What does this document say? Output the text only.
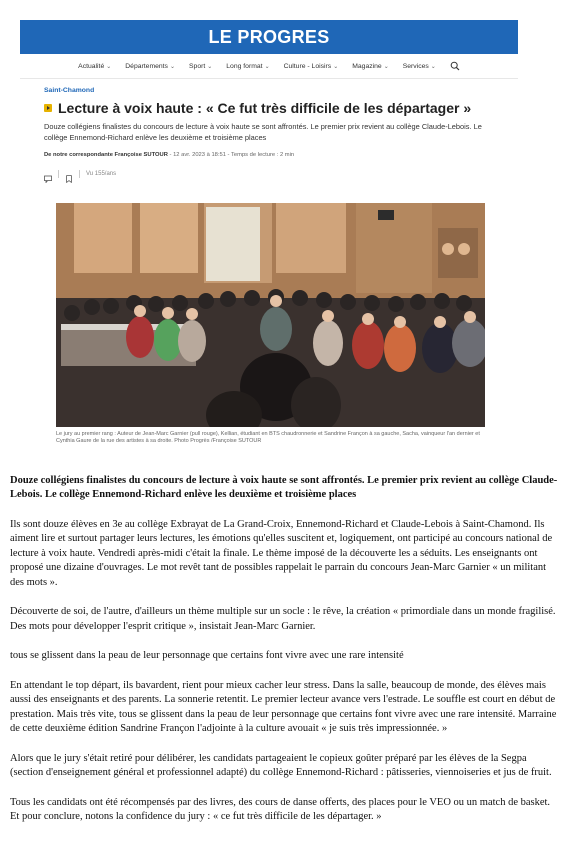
LE PROGRES
Actualité ⌄ Départements ⌄ Sport ⌄ Long format ⌄ Culture - Loisirs ⌄ Magazine ⌄ Services ⌄
Saint-Chamond
Lecture à voix haute : « Ce fut très difficile de les départager »
Douze collégiens finalistes du concours de lecture à voix haute se sont affrontés. Le premier prix revient au collège Claude-Lebois. Le collège Ennemond-Richard enlève les deuxième et troisième places
De notre correspondante Françoise SUTOUR - 12 avr. 2023 à 18:51 - Temps de lecture : 2 min
Vu 155/ans
Le jury au premier rang : Auteur de Jean-Marc Garnier (pull rouge), Kellian, étudiant en BTS chaudronnerie et Sandrine Françon à sa gauche, Sacha, vainqueur l'an dernier et Cynthia Gaure de la rue des artistes à sa droite. Photo Progrès /Françoise SUTOUR

Douze collégiens finalistes du concours de lecture à voix haute se sont affrontés. Le premier prix revient au collège Claude-Lebois. Le collège Ennemond-Richard enlève les deuxième et troisième places

Ils sont douze élèves en 3e au collège Exbrayat de La Grand-Croix, Ennemond-Richard et Claude-Lebois à Saint-Chamond. Ils aiment lire et surtout partager leurs lectures, les émotions qu'elles suscitent et, logiquement, ont participé au concours national de lecture à voix haute. Vendredi après-midi c'était la finale. Le thème imposé de la découverte les a séduits. Les enseignants ont proposé une dizaine d'ouvrages. Le mot revêt tant de possibles rappelait le parrain du concours Jean-Marc Garnier « un militant des mots ».

Découverte de soi, de l'autre, d'ailleurs un thème multiple sur un socle : le rêve, la création « primordiale dans un monde fragilisé. Des mots pour développer l'esprit critique », insistait Jean-Marc Garnier.

tous se glissent dans la peau de leur personnage que certains font vivre avec une rare intensité

En attendant le top départ, ils bavardent, rient pour mieux cacher leur stress. Dans la salle, beaucoup de monde, des élèves mais aussi des enseignants et des parents. La sonnerie retentit. Le premier lecteur avance vers l'estrade. Le souffle est court en début de prestation. Mais très vite, tous se glissent dans la peau de leur personnage que certains font vivre avec une rare intensité. Marraine de cette deuxième édition Sandrine Françon l'adjointe à la culture avouait « je suis très impressionnée. »

Alors que le jury s'était retiré pour délibérer, les candidats partageaient le copieux goûter préparé par les élèves de la Segpa (section d'enseignement général et professionnel adapté) du collège Ennemond-Richard : pâtisseries, viennoiseries et jus de fruit.

Tous les candidats ont été récompensés par des livres, des cours de danse offerts, des places pour le VEO ou un match de basket. Et pour conclure, notons la confidence du jury : « ce fut très difficile de les départager. »
